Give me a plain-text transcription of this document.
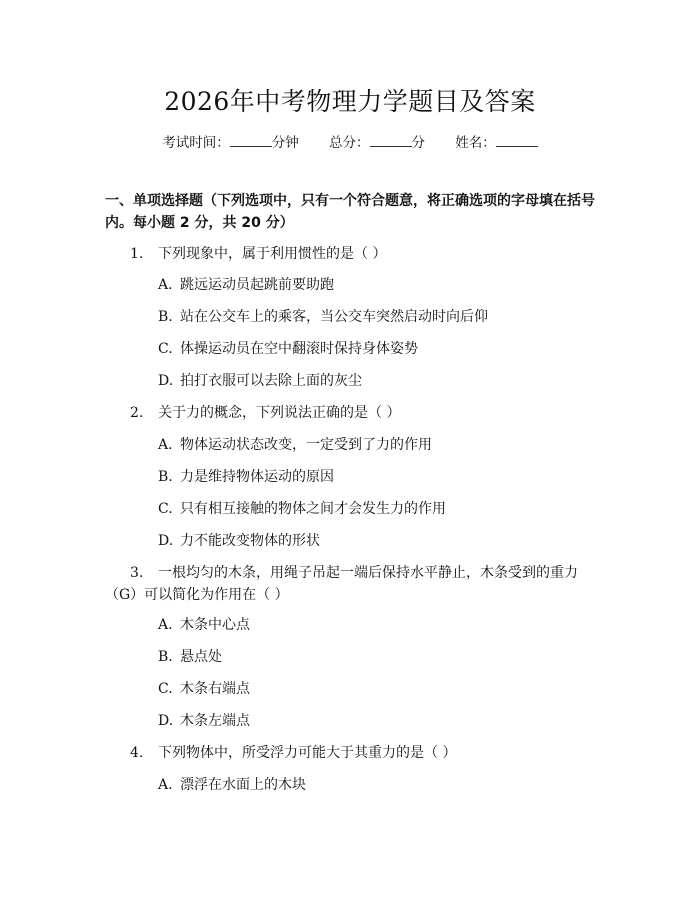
2026年中考物理力学题目及答案
考试时间：	分钟 总分：	分 姓名：
一、单项选择题（下列选项中，只有一个符合题意，将正确选项的字母填在括号内。每小题 2 分，共 20 分）
1. 下列现象中，属于利用惯性的是（ ）
A. 跳远运动员起跳前要助跑
B. 站在公交车上的乘客，当公交车突然启动时向后仰
C. 体操运动员在空中翻滚时保持身体姿势
D. 拍打衣服可以去除上面的灰尘
2. 关于力的概念，下列说法正确的是（ ）
A. 物体运动状态改变，一定受到了力的作用
B. 力是维持物体运动的原因
C. 只有相互接触的物体之间才会发生力的作用
D. 力不能改变物体的形状
3. 一根均匀的木条，用绳子吊起一端后保持水平静止，木条受到的重力（G）可以简化为作用在（ ）
A. 木条中心点
B. 悬点处
C. 木条右端点
D. 木条左端点
4. 下列物体中，所受浮力可能大于其重力的是（ ）
A. 漂浮在水面上的木块
